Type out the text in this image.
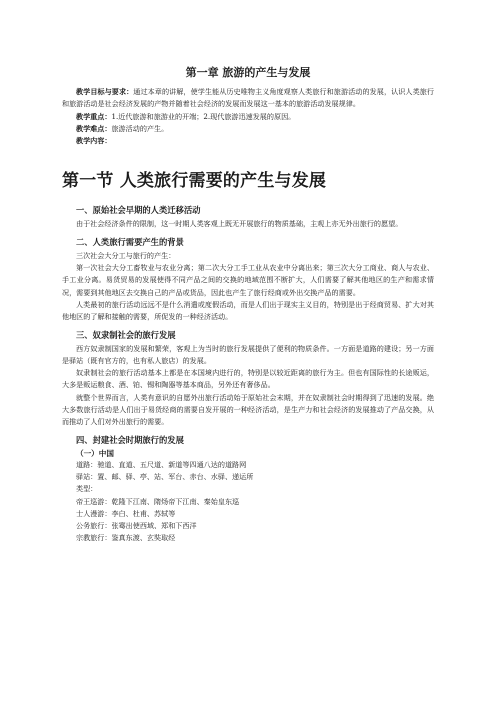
第一章 旅游的产生与发展

教学目标与要求：通过本章的讲解，使学生能从历史唯物主义角度观察人类旅行和旅游活动的发展，认识人类旅行和旅游活动是社会经济发展的产物并随着社会经济的发展而发展这一基本的旅游活动发展规律。

教学重点：1.近代旅游和旅游业的开端；2.现代旅游迅速发展的原因。

教学难点：旅游活动的产生。

教学内容：

第一节 人类旅行需要的产生与发展
一、原始社会早期的人类迁移活动

由于社会经济条件的限制，这一时期人类客观上既无开展旅行的物质基础，主观上亦无外出旅行的愿望。

二、人类旅行需要产生的背景

三次社会大分工与旅行的产生：

第一次社会大分工畜牧业与农业分离；第二次大分工手工业从农业中分离出来；第三次大分工商业、商人与农业、手工业分离。易货贸易的发展使得不同产品之间的交换的地域范围不断扩大，人们需要了解其他地区的生产和需求情况，需要到其他地区去交换自己的产品或货品，因此也产生了旅行经商或外出交换产品的需要。

人类最初的旅行活动远远不是什么消遣或度假活动，而是人们出于现实主义目的，特别是出于经商贸易、扩大对其他地区的了解和接触的需要，所促发的一种经济活动。

三、奴隶制社会的旅行发展

西方奴隶制国家的发展和繁荣，客观上为当时的旅行发展提供了便利的物质条件。一方面是道路的建设；另一方面是驿站（既有官方的，也有私人旅店）的发展。

奴隶制社会的旅行活动基本上都是在本国境内进行的，特别是以较近距离的旅行为主。但也有国际性的长途贩运，大多是贩运粮食、酒、铂、锡和陶器等基本商品，另外还有奢侈品。

就整个世界而言，人类有意识的自愿外出旅行活动始于原始社会末期，并在奴隶制社会时期得到了迅速的发展。绝大多数旅行活动是人们出于易货经商的需要自发开展的一种经济活动，是生产力和社会经济的发展推动了产品交换，从而推动了人们对外出旅行的需要。

四、封建社会时期旅行的发展
（一）中国
道路：驰道、直道、五尺道、新道等四通八达的道路网
驿站：置、邮、驿、亭、站、军台、赤台、水驿、递运所
类型：
帝王巡游：乾隆下江南、隋炀帝下江南、秦始皇东巡
士人漫游：李白、杜甫、苏轼等
公务旅行：张骞出使西域、郑和下西洋
宗教旅行：鉴真东渡、玄奘取经
